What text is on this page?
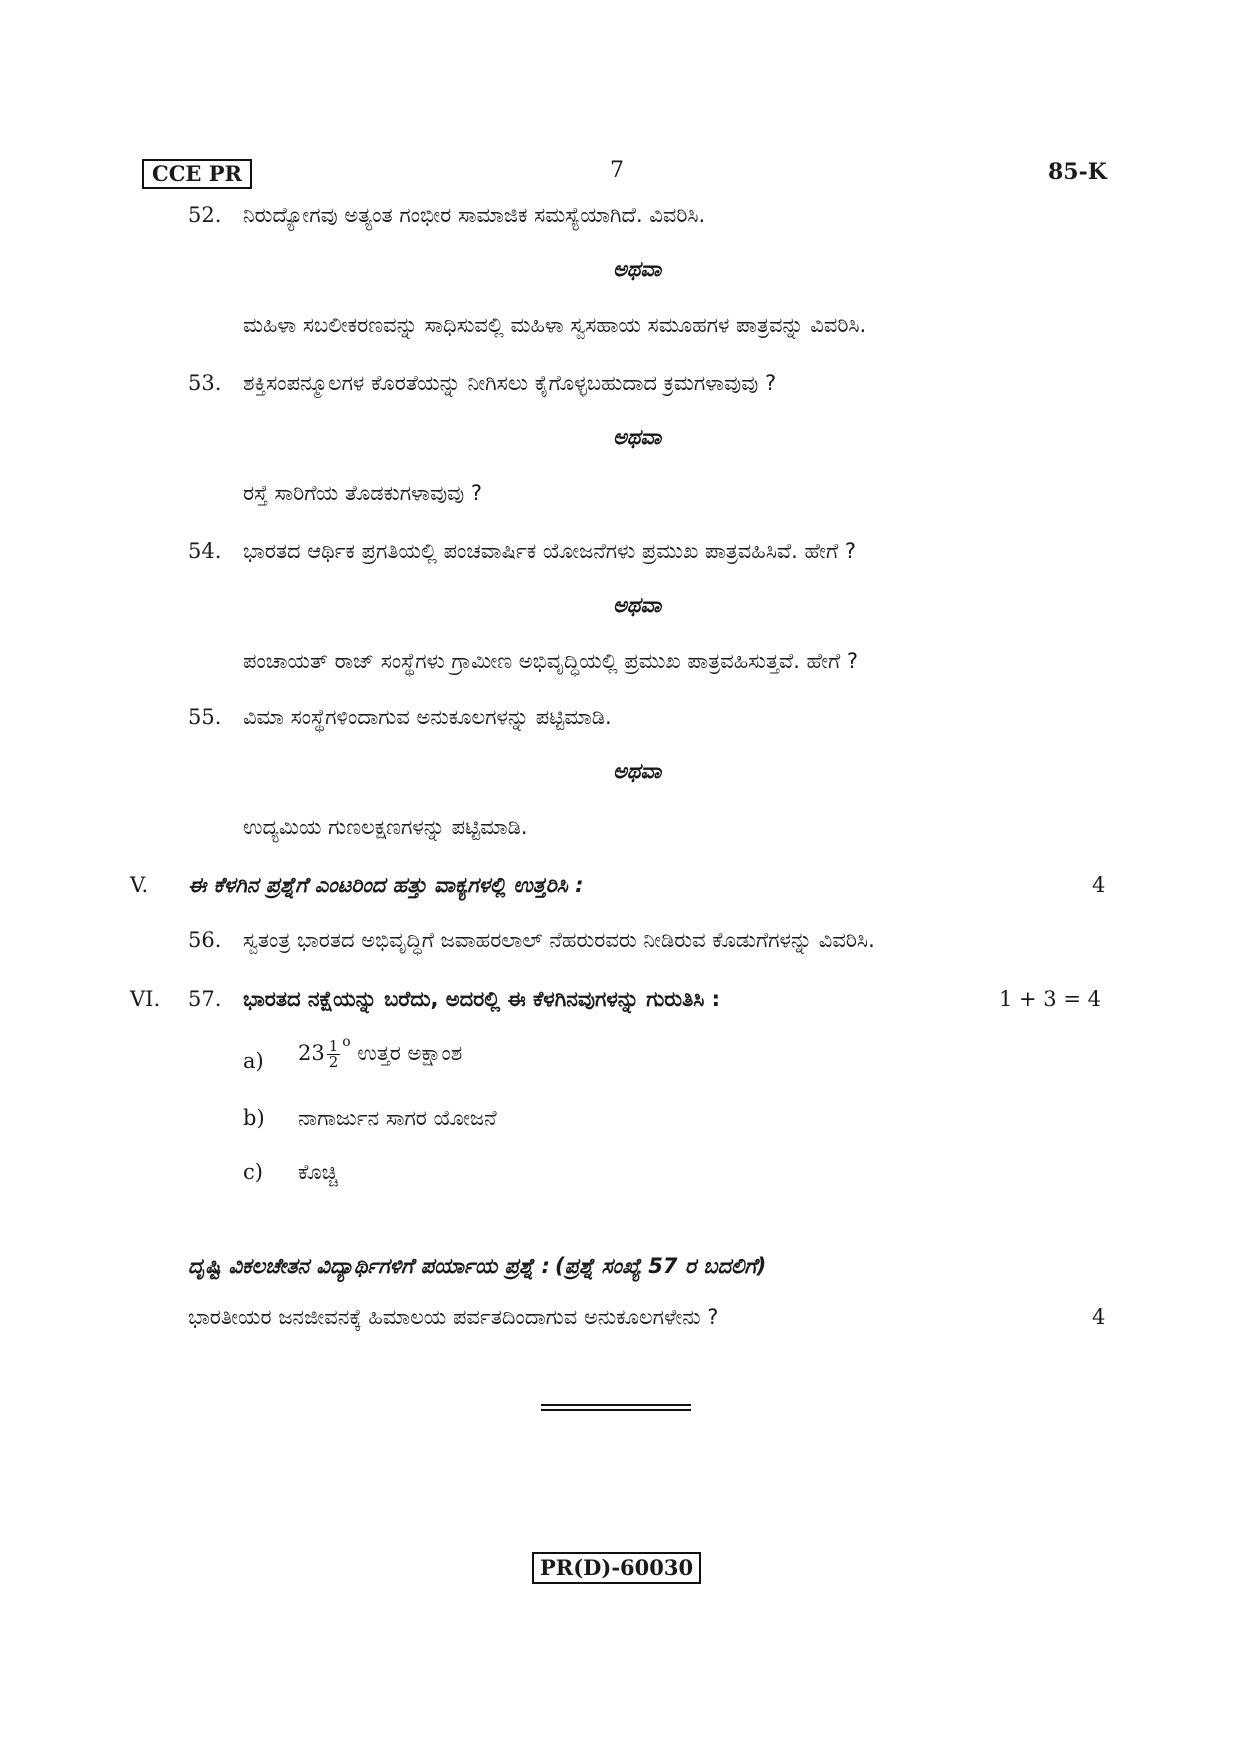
CCE PR	7	85-K
52. ನಿರುದ್ಯೋಗವು ಅತ್ಯಂತ ಗಂಭೀರ ಸಾಮಾಜಿಕ ಸಮಸ್ಯೆಯಾಗಿದೆ. ವಿವರಿಸಿ.
ಅಥವಾ
ಮಹಿಳಾ ಸಬಲೀಕರಣವನ್ನು ಸಾಧಿಸುವಲ್ಲಿ ಮಹಿಳಾ ಸ್ವಸಹಾಯ ಸಮೂಹಗಳ ಪಾತ್ರವನ್ನು ವಿವರಿಸಿ.
53. ಶಕ್ತಿಸಂಪನ್ಮೂಲಗಳ ಕೊರತೆಯನ್ನು ನೀಗಿಸಲು ಕೈಗೊಳ್ಳಬಹುದಾದ ಕ್ರಮಗಳಾವುವು ?
ಅಥವಾ
ರಸ್ತೆ ಸಾರಿಗೆಯ ತೊಡಕುಗಳಾವುವು ?
54. ಭಾರತದ ಆರ್ಥಿಕ ಪ್ರಗತಿಯಲ್ಲಿ ಪಂಚವಾರ್ಷಿಕ ಯೋಜನೆಗಳು ಪ್ರಮುಖ ಪಾತ್ರವಹಿಸಿವೆ. ಹೇಗೆ ?
ಅಥವಾ
ಪಂಚಾಯತ್ ರಾಜ್ ಸಂಸ್ಥೆಗಳು ಗ್ರಾಮೀಣ ಅಭಿವೃದ್ಧಿಯಲ್ಲಿ ಪ್ರಮುಖ ಪಾತ್ರವಹಿಸುತ್ತವೆ. ಹೇಗೆ ?
55. ವಿಮಾ ಸಂಸ್ಥೆಗಳಿಂದಾಗುವ ಅನುಕೂಲಗಳನ್ನು ಪಟ್ಟಿಮಾಡಿ.
ಅಥವಾ
ಉದ್ಯಮಿಯ ಗುಣಲಕ್ಷಣಗಳನ್ನು ಪಟ್ಟಿಮಾಡಿ.
V. ಈ ಕೆಳಗಿನ ಪ್ರಶ್ನೆಗೆ ಎಂಟರಿಂದ ಹತ್ತು ವಾಕ್ಯಗಳಲ್ಲಿ ಉತ್ತರಿಸಿ :	4
56. ಸ್ವತಂತ್ರ ಭಾರತದ ಅಭಿವೃದ್ಧಿಗೆ ಜವಾಹರಲಾಲ್ ನೆಹರುರವರು ನೀಡಿರುವ ಕೊಡುಗೆಗಳನ್ನು ವಿವರಿಸಿ.
VI. 57. ಭಾರತದ ನಕ್ಷೆಯನ್ನು ಬರೆದು, ಅದರಲ್ಲಿ ಈ ಕೆಳಗಿನವುಗಳನ್ನು ಗುರುತಿಸಿ :	1 + 3 = 4
a) $23 \frac{1}{2} ^o$ ಉತ್ತರ ಅಕ್ಷಾಂಶ
b) ನಾಗಾರ್ಜುನ ಸಾಗರ ಯೋಜನೆ
c) ಕೊಚ್ಚಿ
ದೃಷ್ಟಿ ವಿಕಲಚೇತನ ವಿದ್ಯಾರ್ಥಿಗಳಿಗೆ ಪರ್ಯಾಯ ಪ್ರಶ್ನೆ : (ಪ್ರಶ್ನೆ ಸಂಖ್ಯೆ 57 ರ ಬದಲಿಗೆ)
ಭಾರತೀಯರ ಜನಜೀವನಕ್ಕೆ ಹಿಮಾಲಯ ಪರ್ವತದಿಂದಾಗುವ ಅನುಕೂಲಗಳೇನು ?	4
PR(D)-60030
